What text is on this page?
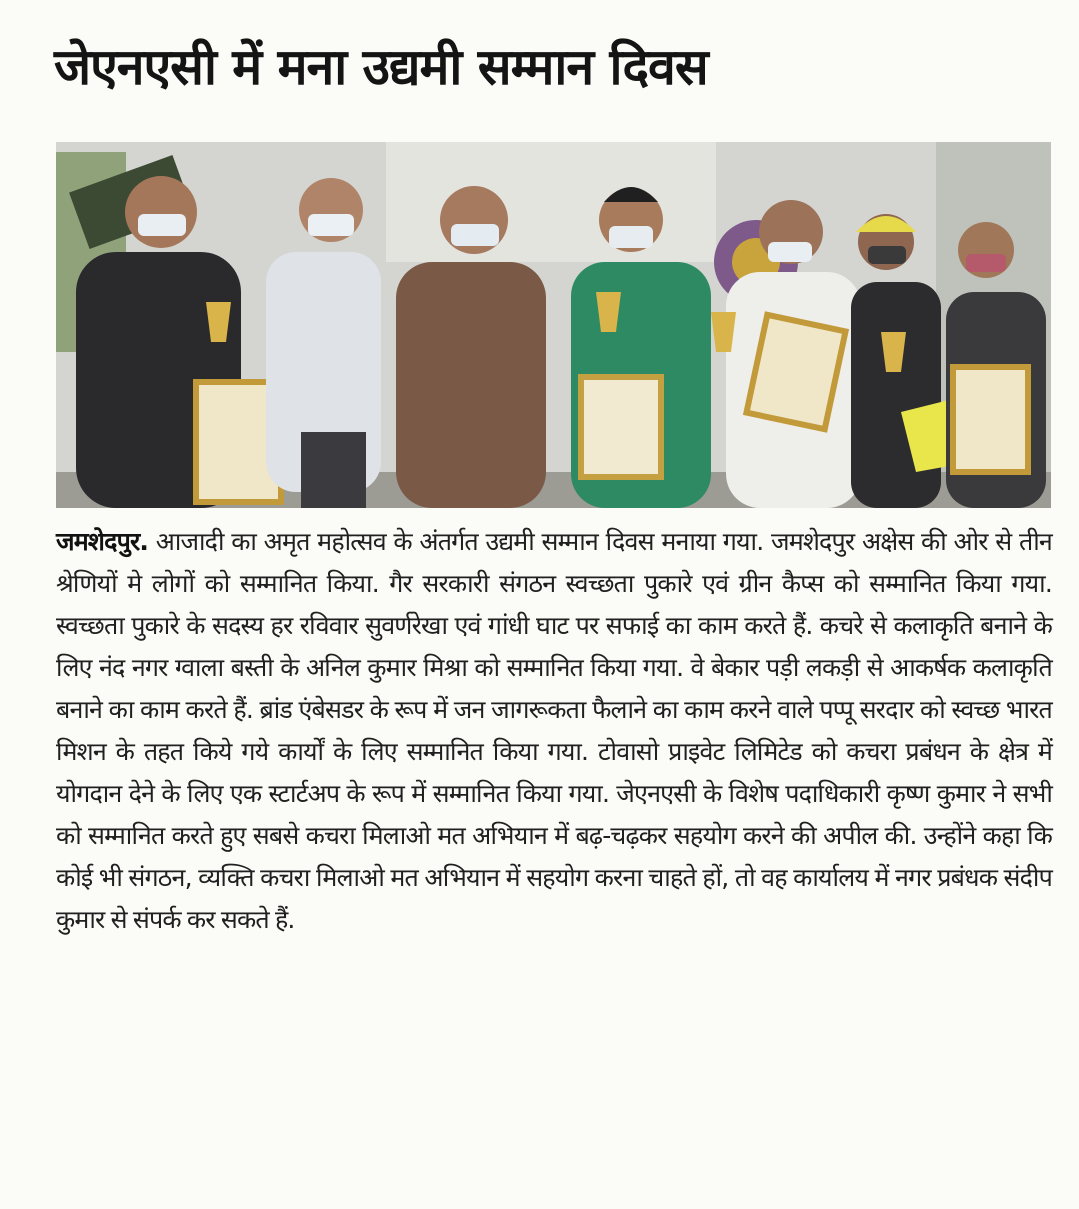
जेएनएसी में मना उद्यमी सम्मान दिवस
जमशेदपुर. आजादी का अमृत महोत्सव के अंतर्गत उद्यमी सम्मान दिवस मनाया गया. जमशेदपुर अक्षेस की ओर से तीन श्रेणियों मे लोगों को सम्मानित किया. गैर सरकारी संगठन स्वच्छता पुकारे एवं ग्रीन कैप्स को सम्मानित किया गया. स्वच्छता पुकारे के सदस्य हर रविवार सुवर्णरेखा एवं गांधी घाट पर सफाई का काम करते हैं. कचरे से कलाकृति बनाने के लिए नंद नगर ग्वाला बस्ती के अनिल कुमार मिश्रा को सम्मानित किया गया. वे बेकार पड़ी लकड़ी से आकर्षक कलाकृति बनाने का काम करते हैं. ब्रांड एंबेसडर के रूप में जन जागरूकता फैलाने का काम करने वाले पप्पू सरदार को स्वच्छ भारत मिशन के तहत किये गये कार्यों के लिए सम्मानित किया गया. टोवासो प्राइवेट लिमिटेड को कचरा प्रबंधन के क्षेत्र में योगदान देने के लिए एक स्टार्टअप के रूप में सम्मानित किया गया. जेएनएसी के विशेष पदाधिकारी कृष्ण कुमार ने सभी को सम्मानित करते हुए सबसे कचरा मिलाओ मत अभियान में बढ़-चढ़कर सहयोग करने की अपील की. उन्होंने कहा कि कोई भी संगठन, व्यक्ति कचरा मिलाओ मत अभियान में सहयोग करना चाहते हों, तो वह कार्यालय में नगर प्रबंधक संदीप कुमार से संपर्क कर सकते हैं.
